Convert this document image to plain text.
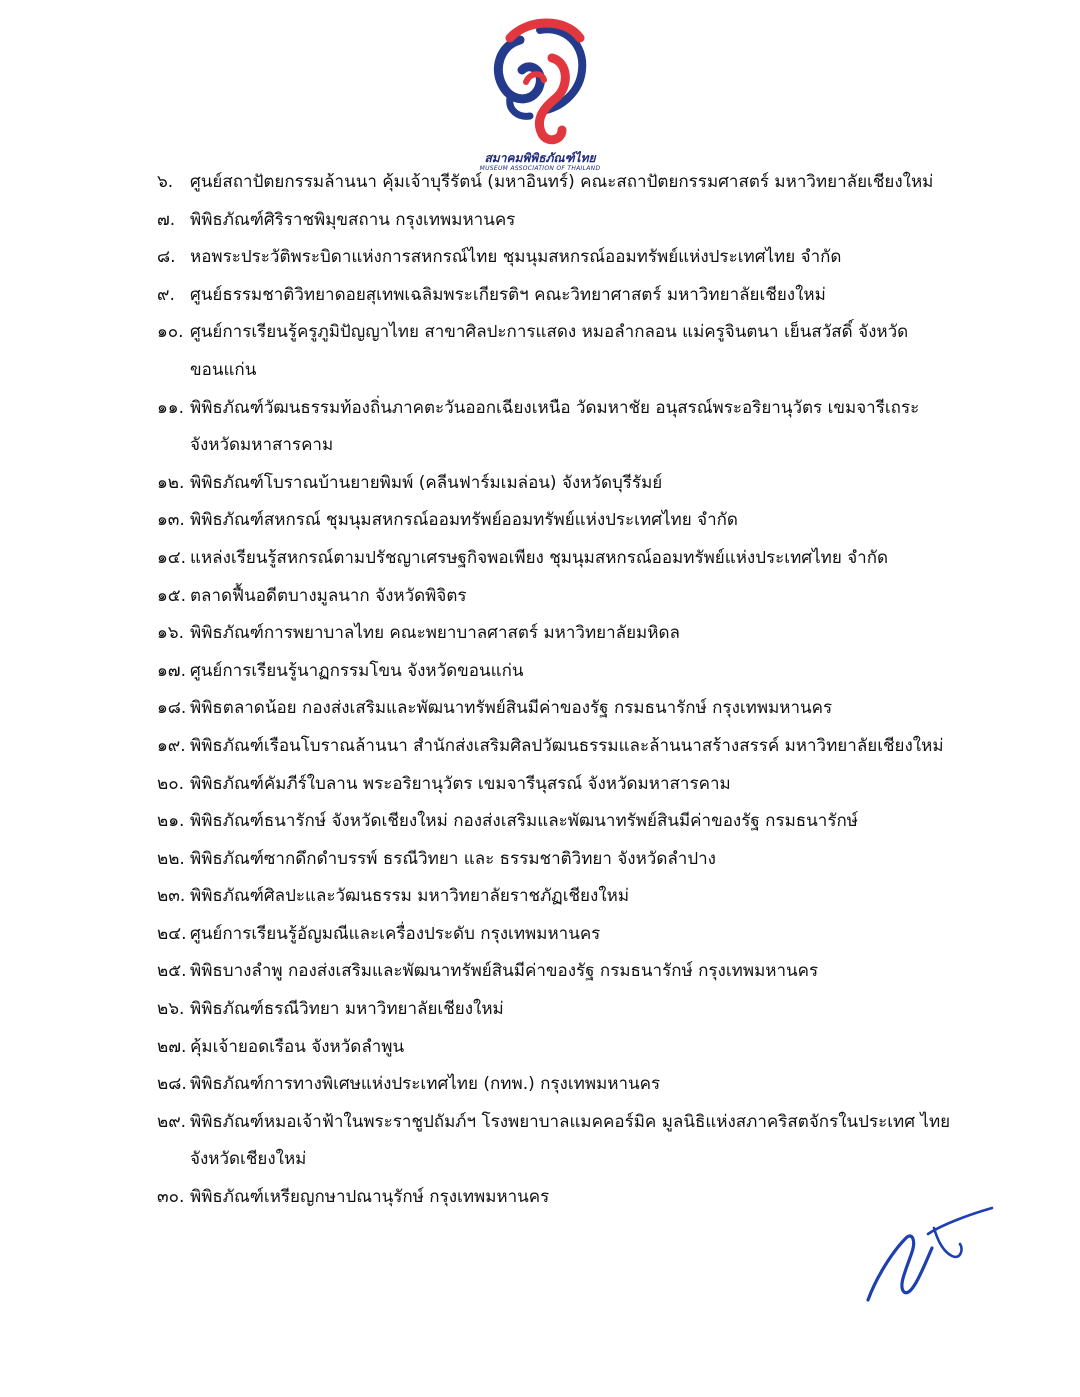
สมาคมพิพิธภัณฑ์ไทย
MUSEUM ASSOCIATION OF THAILAND
๖. ศูนย์สถาปัตยกรรมล้านนา คุ้มเจ้าบุรีรัตน์ (มหาอินทร์) คณะสถาปัตยกรรมศาสตร์ มหาวิทยาลัยเชียงใหม่
๗. พิพิธภัณฑ์ศิริราชพิมุขสถาน กรุงเทพมหานคร
๘. หอพระประวัติพระบิดาแห่งการสหกรณ์ไทย ชุมนุมสหกรณ์ออมทรัพย์แห่งประเทศไทย จำกัด
๙. ศูนย์ธรรมชาติวิทยาดอยสุเทพเฉลิมพระเกียรติฯ คณะวิทยาศาสตร์ มหาวิทยาลัยเชียงใหม่
๑๐. ศูนย์การเรียนรู้ครูภูมิปัญญาไทย สาขาศิลปะการแสดง หมอลำกลอน แม่ครูจินตนา เย็นสวัสดิ์ จังหวัดขอนแก่น
๑๑. พิพิธภัณฑ์วัฒนธรรมท้องถิ่นภาคตะวันออกเฉียงเหนือ วัดมหาชัย อนุสรณ์พระอริยานุวัตร เขมจารีเถระ จังหวัดมหาสารคาม
๑๒. พิพิธภัณฑ์โบราณบ้านยายพิมพ์ (คลีนฟาร์มเมล่อน) จังหวัดบุรีรัมย์
๑๓. พิพิธภัณฑ์สหกรณ์ ชุมนุมสหกรณ์ออมทรัพย์ออมทรัพย์แห่งประเทศไทย จำกัด
๑๔. แหล่งเรียนรู้สหกรณ์ตามปรัชญาเศรษฐกิจพอเพียง ชุมนุมสหกรณ์ออมทรัพย์แห่งประเทศไทย จำกัด
๑๕. ตลาดฟื้นอดีตบางมูลนาก จังหวัดพิจิตร
๑๖. พิพิธภัณฑ์การพยาบาลไทย คณะพยาบาลศาสตร์ มหาวิทยาลัยมหิดล
๑๗. ศูนย์การเรียนรู้นาฏกรรมโขน จังหวัดขอนแก่น
๑๘. พิพิธตลาดน้อย กองส่งเสริมและพัฒนาทรัพย์สินมีค่าของรัฐ กรมธนารักษ์ กรุงเทพมหานคร
๑๙. พิพิธภัณฑ์เรือนโบราณล้านนา สำนักส่งเสริมศิลปวัฒนธรรมและล้านนาสร้างสรรค์ มหาวิทยาลัยเชียงใหม่
๒๐. พิพิธภัณฑ์คัมภีร์ใบลาน พระอริยานุวัตร เขมจารีนุสรณ์ จังหวัดมหาสารคาม
๒๑. พิพิธภัณฑ์ธนารักษ์ จังหวัดเชียงใหม่ กองส่งเสริมและพัฒนาทรัพย์สินมีค่าของรัฐ กรมธนารักษ์
๒๒. พิพิธภัณฑ์ซากดึกดำบรรพ์ ธรณีวิทยา และ ธรรมชาติวิทยา จังหวัดลำปาง
๒๓. พิพิธภัณฑ์ศิลปะและวัฒนธรรม มหาวิทยาลัยราชภัฏเชียงใหม่
๒๔. ศูนย์การเรียนรู้อัญมณีและเครื่องประดับ กรุงเทพมหานคร
๒๕. พิพิธบางลำพู กองส่งเสริมและพัฒนาทรัพย์สินมีค่าของรัฐ กรมธนารักษ์ กรุงเทพมหานคร
๒๖. พิพิธภัณฑ์ธรณีวิทยา มหาวิทยาลัยเชียงใหม่
๒๗. คุ้มเจ้ายอดเรือน จังหวัดลำพูน
๒๘. พิพิธภัณฑ์การทางพิเศษแห่งประเทศไทย (กทพ.) กรุงเทพมหานคร
๒๙. พิพิธภัณฑ์หมอเจ้าฟ้าในพระราชูปถัมภ์ฯ โรงพยาบาลแมคคอร์มิค มูลนิธิแห่งสภาคริสตจักรในประเทศ ไทย จังหวัดเชียงใหม่
๓๐. พิพิธภัณฑ์เหรียญกษาปณานุรักษ์ กรุงเทพมหานคร
